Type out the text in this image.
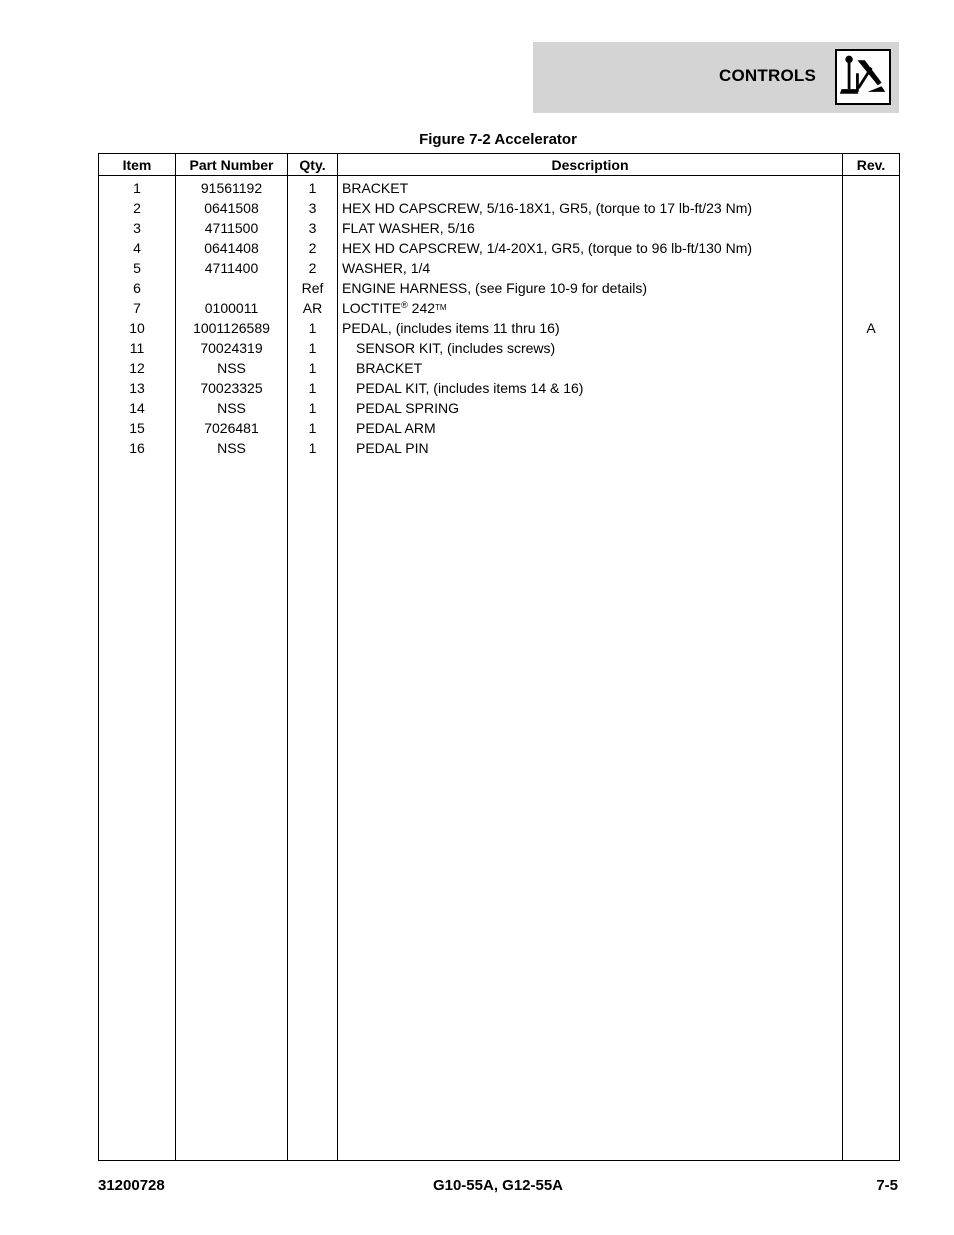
CONTROLS
Figure 7-2 Accelerator
Item	Part Number	Qty.	Description	Rev.
1	91561192	1	BRACKET	
2	0641508	3	HEX HD CAPSCREW, 5/16-18X1, GR5, (torque to 17 lb-ft/23 Nm)	
3	4711500	3	FLAT WASHER, 5/16	
4	0641408	2	HEX HD CAPSCREW, 1/4-20X1, GR5, (torque to 96 lb-ft/130 Nm)	
5	4711400	2	WASHER, 1/4	
6		Ref	ENGINE HARNESS, (see Figure 10-9 for details)	
7	0100011	AR	LOCTITE® 242™	
10	1001126589	1	PEDAL, (includes items 11 thru 16)	A
11	70024319	1	SENSOR KIT, (includes screws)	
12	NSS	1	BRACKET	
13	70023325	1	PEDAL KIT, (includes items 14 & 16)	
14	NSS	1	PEDAL SPRING	
15	7026481	1	PEDAL ARM	
16	NSS	1	PEDAL PIN	

31200728	G10-55A, G12-55A	7-5
